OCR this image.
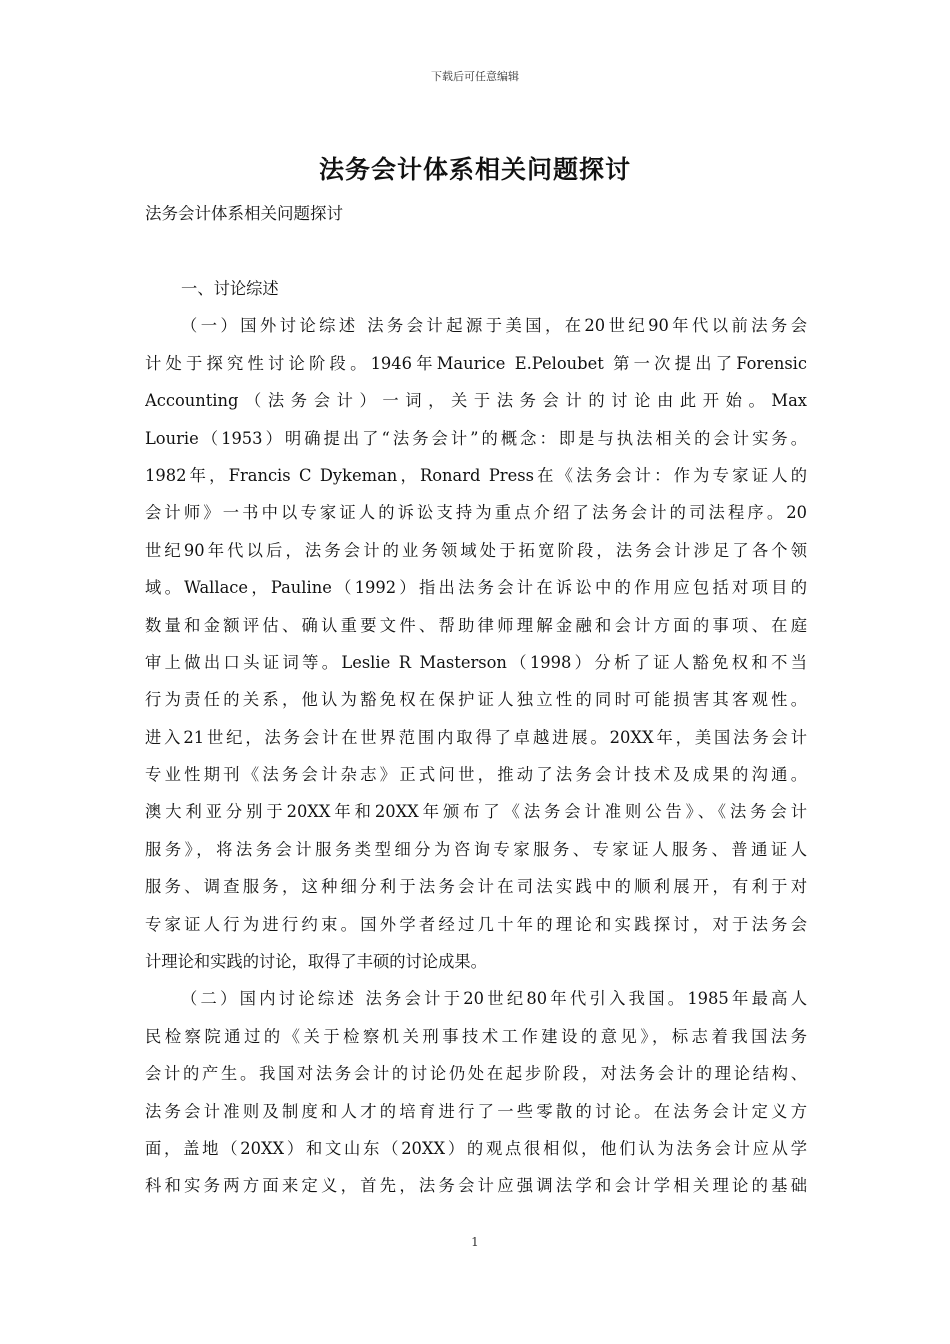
下载后可任意编辑
法务会计体系相关问题探讨
法务会计体系相关问题探讨
一、讨论综述
（一）国外讨论综述 法务会计起源于美国，在20世纪90年代以前法务会
计处于探究性讨论阶段。1946年Maurice E.Peloubet 第一次提出了Forensic
Accounting（法务会计）一词，关于法务会计的讨论由此开始。Max
Lourie（1953）明确提出了“法务会计”的概念：即是与执法相关的会计实务。
1982年，Francis C Dykeman，Ronard Press在《法务会计：作为专家证人的
会计师》一书中以专家证人的诉讼支持为重点介绍了法务会计的司法程序。20
世纪90年代以后，法务会计的业务领域处于拓宽阶段，法务会计涉足了各个领
域。Wallace，Pauline（1992）指出法务会计在诉讼中的作用应包括对项目的
数量和金额评估、确认重要文件、帮助律师理解金融和会计方面的事项、在庭
审上做出口头证词等。Leslie R Masterson（1998）分析了证人豁免权和不当
行为责任的关系，他认为豁免权在保护证人独立性的同时可能损害其客观性。
进入21世纪，法务会计在世界范围内取得了卓越进展。20XX年，美国法务会计
专业性期刊《法务会计杂志》正式问世，推动了法务会计技术及成果的沟通。
澳大利亚分别于20XX年和20XX年颁布了《法务会计准则公告》、《法务会计
服务》，将法务会计服务类型细分为咨询专家服务、专家证人服务、普通证人
服务、调查服务，这种细分利于法务会计在司法实践中的顺利展开，有利于对
专家证人行为进行约束。国外学者经过几十年的理论和实践探讨，对于法务会
计理论和实践的讨论，取得了丰硕的讨论成果。
（二）国内讨论综述 法务会计于20世纪80年代引入我国。1985年最高人
民检察院通过的《关于检察机关刑事技术工作建设的意见》，标志着我国法务
会计的产生。我国对法务会计的讨论仍处在起步阶段，对法务会计的理论结构、
法务会计准则及制度和人才的培育进行了一些零散的讨论。在法务会计定义方
面，盖地（20XX）和文山东（20XX）的观点很相似，他们认为法务会计应从学
科和实务两方面来定义，首先，法务会计应强调法学和会计学相关理论的基础
1
